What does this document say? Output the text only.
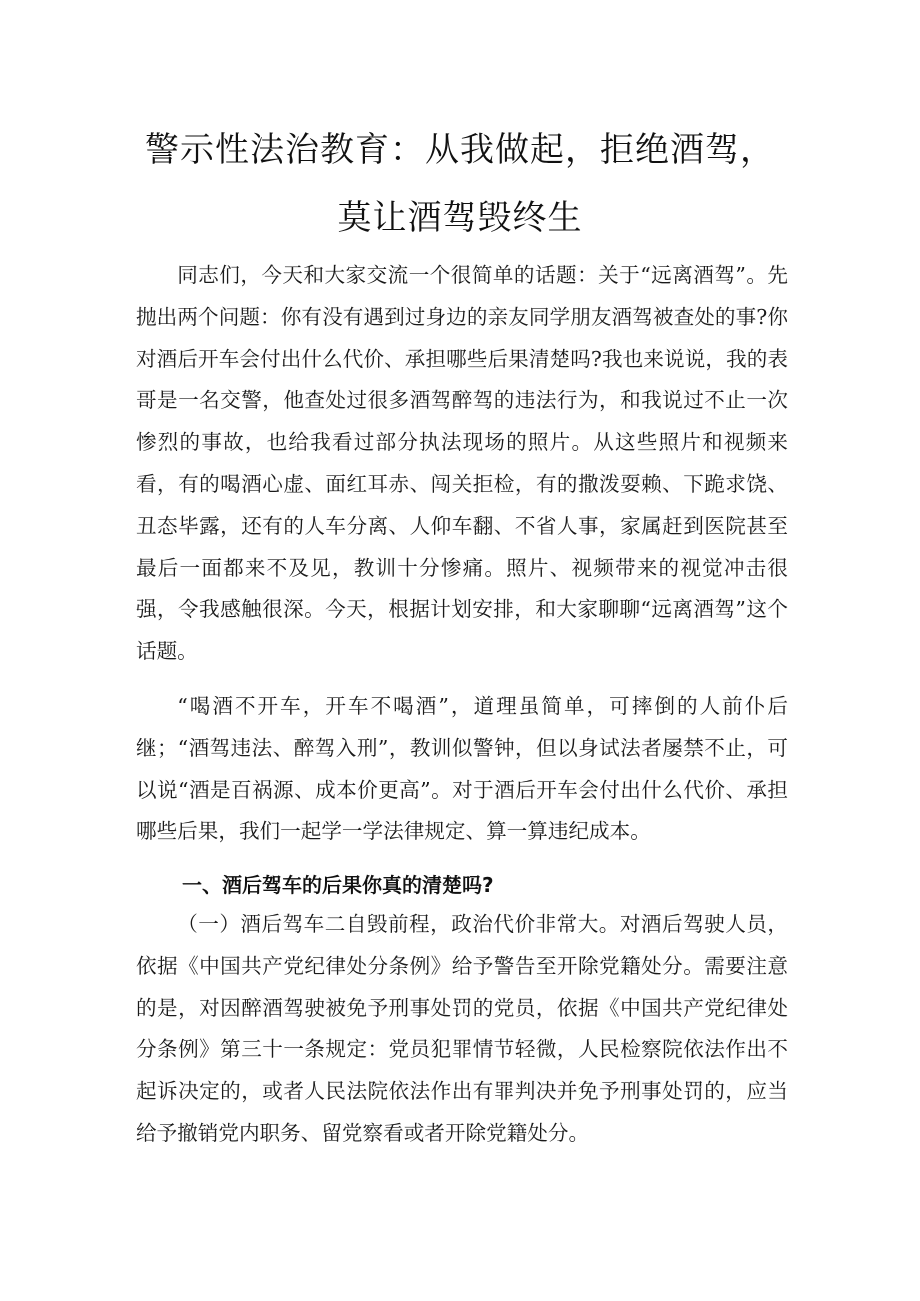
警示性法治教育：从我做起，拒绝酒驾，
莫让酒驾毁终生

同志们，今天和大家交流一个很简单的话题：关于“远离酒驾”。先抛出两个问题：你有没有遇到过身边的亲友同学朋友酒驾被查处的事?你对酒后开车会付出什么代价、承担哪些后果清楚吗?我也来说说，我的表哥是一名交警，他查处过很多酒驾醉驾的违法行为，和我说过不止一次惨烈的事故，也给我看过部分执法现场的照片。从这些照片和视频来看，有的喝酒心虚、面红耳赤、闯关拒检，有的撒泼耍赖、下跪求饶、丑态毕露，还有的人车分离、人仰车翻、不省人事，家属赶到医院甚至最后一面都来不及见，教训十分惨痛。照片、视频带来的视觉冲击很强，令我感触很深。今天，根据计划安排，和大家聊聊“远离酒驾”这个话题。

“喝酒不开车，开车不喝酒”，道理虽简单，可摔倒的人前仆后继；“酒驾违法、醉驾入刑”，教训似警钟，但以身试法者屡禁不止，可以说“酒是百祸源、成本价更高”。对于酒后开车会付出什么代价、承担哪些后果，我们一起学一学法律规定、算一算违纪成本。

一、酒后驾车的后果你真的清楚吗?

（一）酒后驾车二自毁前程，政治代价非常大。对酒后驾驶人员，依据《中国共产党纪律处分条例》给予警告至开除党籍处分。需要注意的是，对因醉酒驾驶被免予刑事处罚的党员，依据《中国共产党纪律处分条例》第三十一条规定：党员犯罪情节轻微，人民检察院依法作出不起诉决定的，或者人民法院依法作出有罪判决并免予刑事处罚的，应当给予撤销党内职务、留党察看或者开除党籍处分。
